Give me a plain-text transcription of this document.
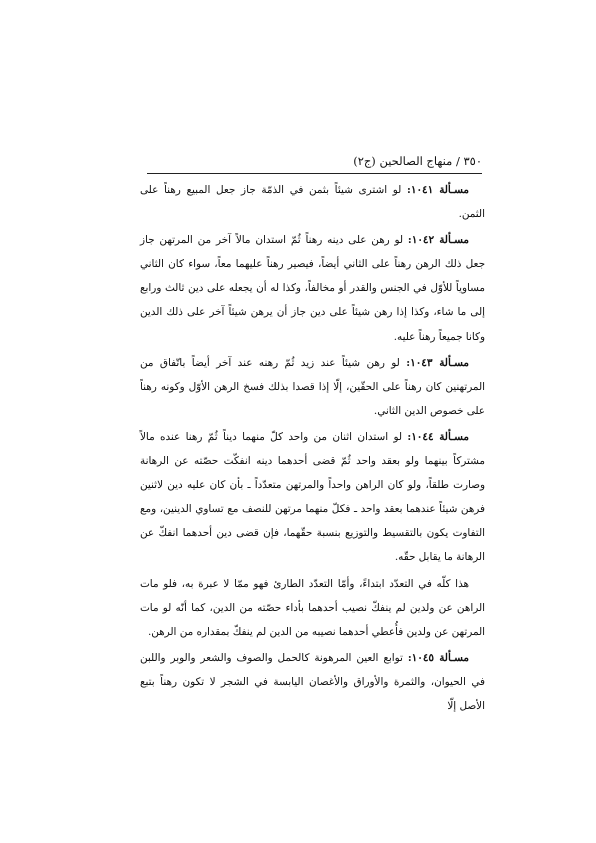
٣٥٠ / منهاج الصالحين (ج٢)

مسـألة ١٠٤١: لو اشترى شيئاً بثمن في الذمّة جاز جعل المبيع رهناً على الثمن.

مسـألة ١٠٤٢: لو رهن على دينه رهناً ثُمّ استدان مالاً آخر من المرتهن جاز جعل ذلك الرهن رهناً على الثاني أيضاً، فيصير رهناً عليهما معاً، سواء كان الثاني مساوياً للأوّل في الجنس والقدر أو مخالفاً، وكذا له أن يجعله على دين ثالث ورابع إلى ما شاء، وكذا إذا رهن شيئاً على دين جاز أن يرهن شيئاً آخر على ذلك الدين وكانا جميعاً رهناً عليه.

مسـألة ١٠٤٣: لو رهن شيئاً عند زيد ثُمّ رهنه عند آخر أيضاً باتّفاق من المرتهنين كان رهناً على الحقّين، إلّا إذا قصدا بذلك فسخ الرهن الأوّل وكونه رهناً على خصوص الدين الثاني.

مسـألة ١٠٤٤: لو استدان اثنان من واحد كلّ منهما ديناً ثُمّ رهنا عنده مالاً مشتركاً بينهما ولو بعقد واحد ثُمّ قضى أحدهما دينه انفكّت حصّته عن الرهانة وصارت طلقاً، ولو كان الراهن واحداً والمرتهن متعدّداً ـ بأن كان عليه دين لاثنين فرهن شيئاً عندهما بعقد واحد ـ فكلّ منهما مرتهن للنصف مع تساوي الدينين، ومع التفاوت يكون بالتقسيط والتوزيع بنسبة حقّهما، فإن قضى دين أحدهما انفكّ عن الرهانة ما يقابل حقّه.

هذا كلّه في التعدّد ابتداءً، وأمّا التعدّد الطارئ فهو ممّا لا عبرة به، فلو مات الراهن عن ولدين لم ينفكّ نصيب أحدهما بأداء حصّته من الدين، كما أنّه لو مات المرتهن عن ولدين فأُعطي أحدهما نصيبه من الدين لم ينفكّ بمقداره من الرهن.

مسـألة ١٠٤٥: توابع العين المرهونة كالحمل والصوف والشعر والوبر واللبن في الحيوان، والثمرة والأوراق والأغصان اليابسة في الشجر لا تكون رهناً بتبع الأصل إلّا
